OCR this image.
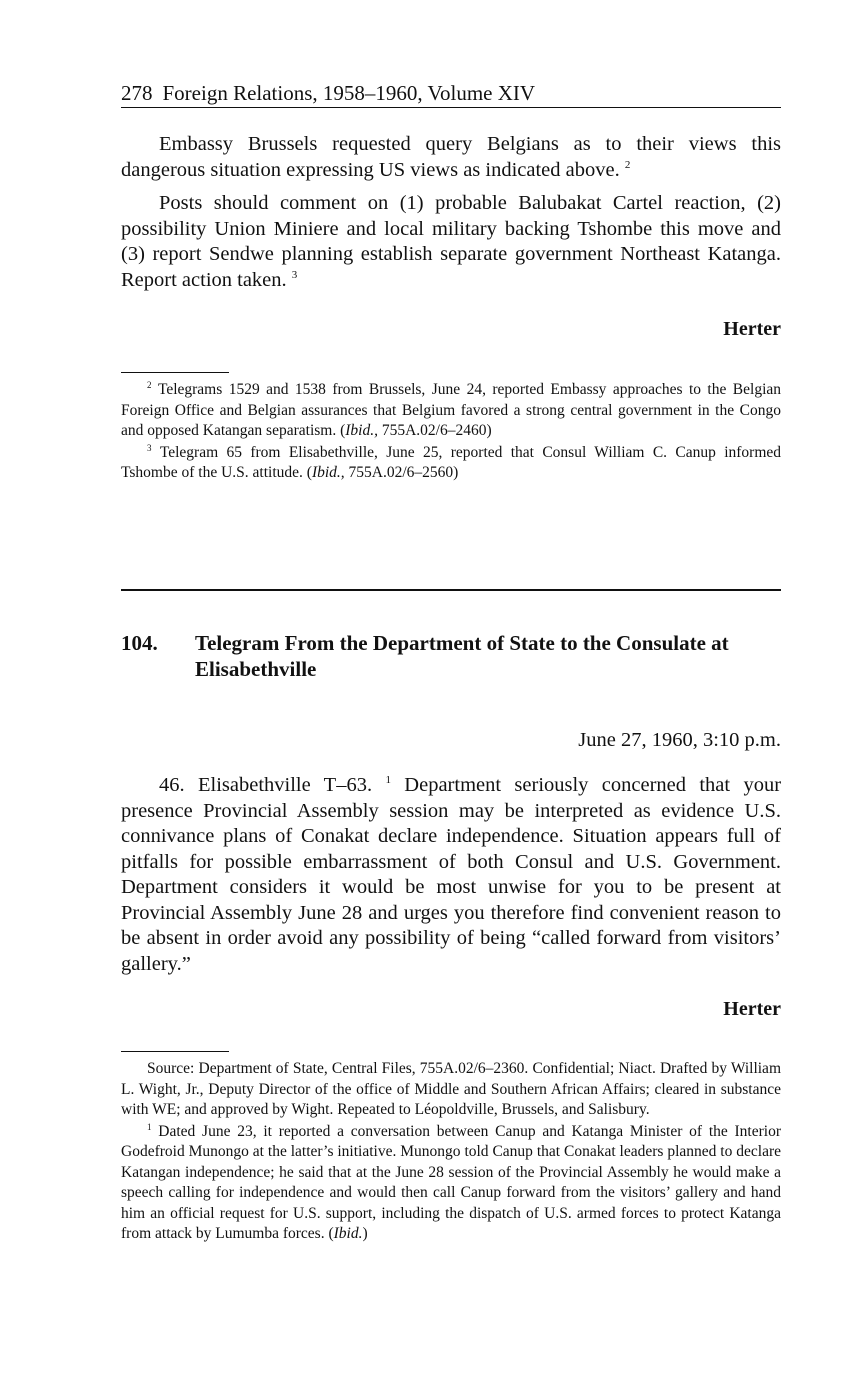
278 Foreign Relations, 1958–1960, Volume XIV

Embassy Brussels requested query Belgians as to their views this dangerous situation expressing US views as indicated above. $^2$

Posts should comment on (1) probable Balubakat Cartel reaction, (2) possibility Union Miniere and local military backing Tshombe this move and (3) report Sendwe planning establish separate government Northeast Katanga. Report action taken. $^3$

Herter

$^2$ Telegrams 1529 and 1538 from Brussels, June 24, reported Embassy approaches to the Belgian Foreign Office and Belgian assurances that Belgium favored a strong central government in the Congo and opposed Katangan separatism. (Ibid., 755A.02/6–2460)

$^3$ Telegram 65 from Elisabethville, June 25, reported that Consul William C. Canup informed Tshombe of the U.S. attitude. (Ibid., 755A.02/6–2560)

104. Telegram From the Department of State to the Consulate at Elisabethville
June 27, 1960, 3:10 p.m.

46. Elisabethville T–63. $^1$ Department seriously concerned that your presence Provincial Assembly session may be interpreted as evidence U.S. connivance plans of Conakat declare independence. Situation appears full of pitfalls for possible embarrassment of both Consul and U.S. Government. Department considers it would be most unwise for you to be present at Provincial Assembly June 28 and urges you therefore find convenient reason to be absent in order avoid any possibility of being “called forward from visitors’ gallery.”

Herter

Source: Department of State, Central Files, 755A.02/6–2360. Confidential; Niact. Drafted by William L. Wight, Jr., Deputy Director of the office of Middle and Southern African Affairs; cleared in substance with WE; and approved by Wight. Repeated to Léopoldville, Brussels, and Salisbury.

$^1$ Dated June 23, it reported a conversation between Canup and Katanga Minister of the Interior Godefroid Munongo at the latter’s initiative. Munongo told Canup that Conakat leaders planned to declare Katangan independence; he said that at the June 28 session of the Provincial Assembly he would make a speech calling for independence and would then call Canup forward from the visitors’ gallery and hand him an official request for U.S. support, including the dispatch of U.S. armed forces to protect Katanga from attack by Lumumba forces. (Ibid.)
